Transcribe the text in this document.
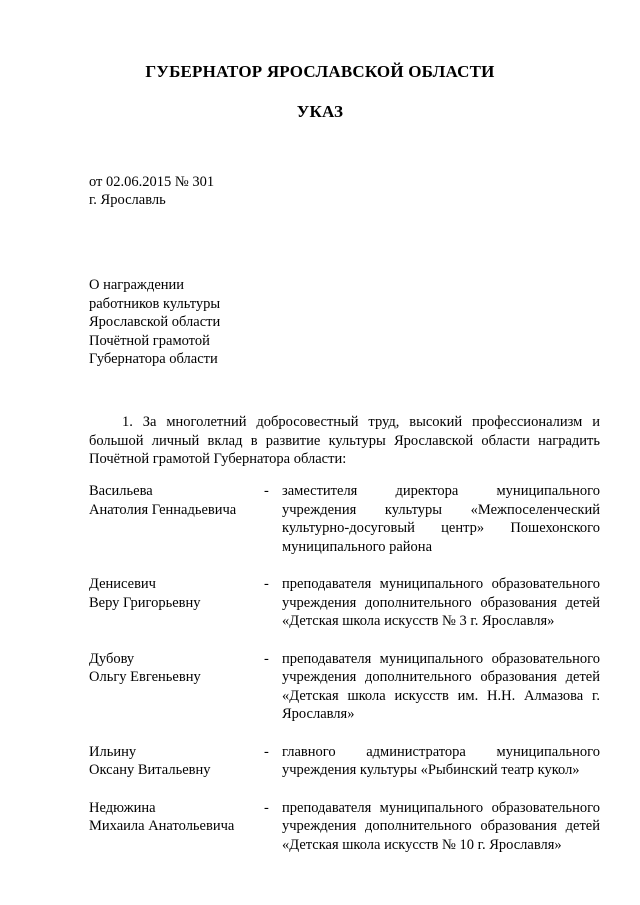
ГУБЕРНАТОР ЯРОСЛАВСКОЙ ОБЛАСТИ
УКАЗ
от 02.06.2015 № 301
г. Ярославль
О награждении
работников культуры
Ярославской области
Почётной грамотой
Губернатора области
1. За многолетний добросовестный труд, высокий профессионализм и большой личный вклад в развитие культуры Ярославской области наградить Почётной грамотой Губернатора области:
Васильева
Анатолия Геннадьевича
- заместителя директора муниципального учреждения культуры «Межпоселенческий культурно-досуговый центр» Пошехонского муниципального района
Денисевич
Веру Григорьевну
- преподавателя муниципального образовательного учреждения дополнительного образования детей «Детская школа искусств № 3 г. Ярославля»
Дубову
Ольгу Евгеньевну
- преподавателя муниципального образовательного учреждения дополнительного образования детей «Детская школа искусств им. Н.Н. Алмазова г. Ярославля»
Ильину
Оксану Витальевну
- главного администратора муниципального учреждения культуры «Рыбинский театр кукол»
Недюжина
Михаила Анатольевича
- преподавателя муниципального образовательного учреждения дополнительного образования детей «Детская школа искусств № 10 г. Ярославля»
